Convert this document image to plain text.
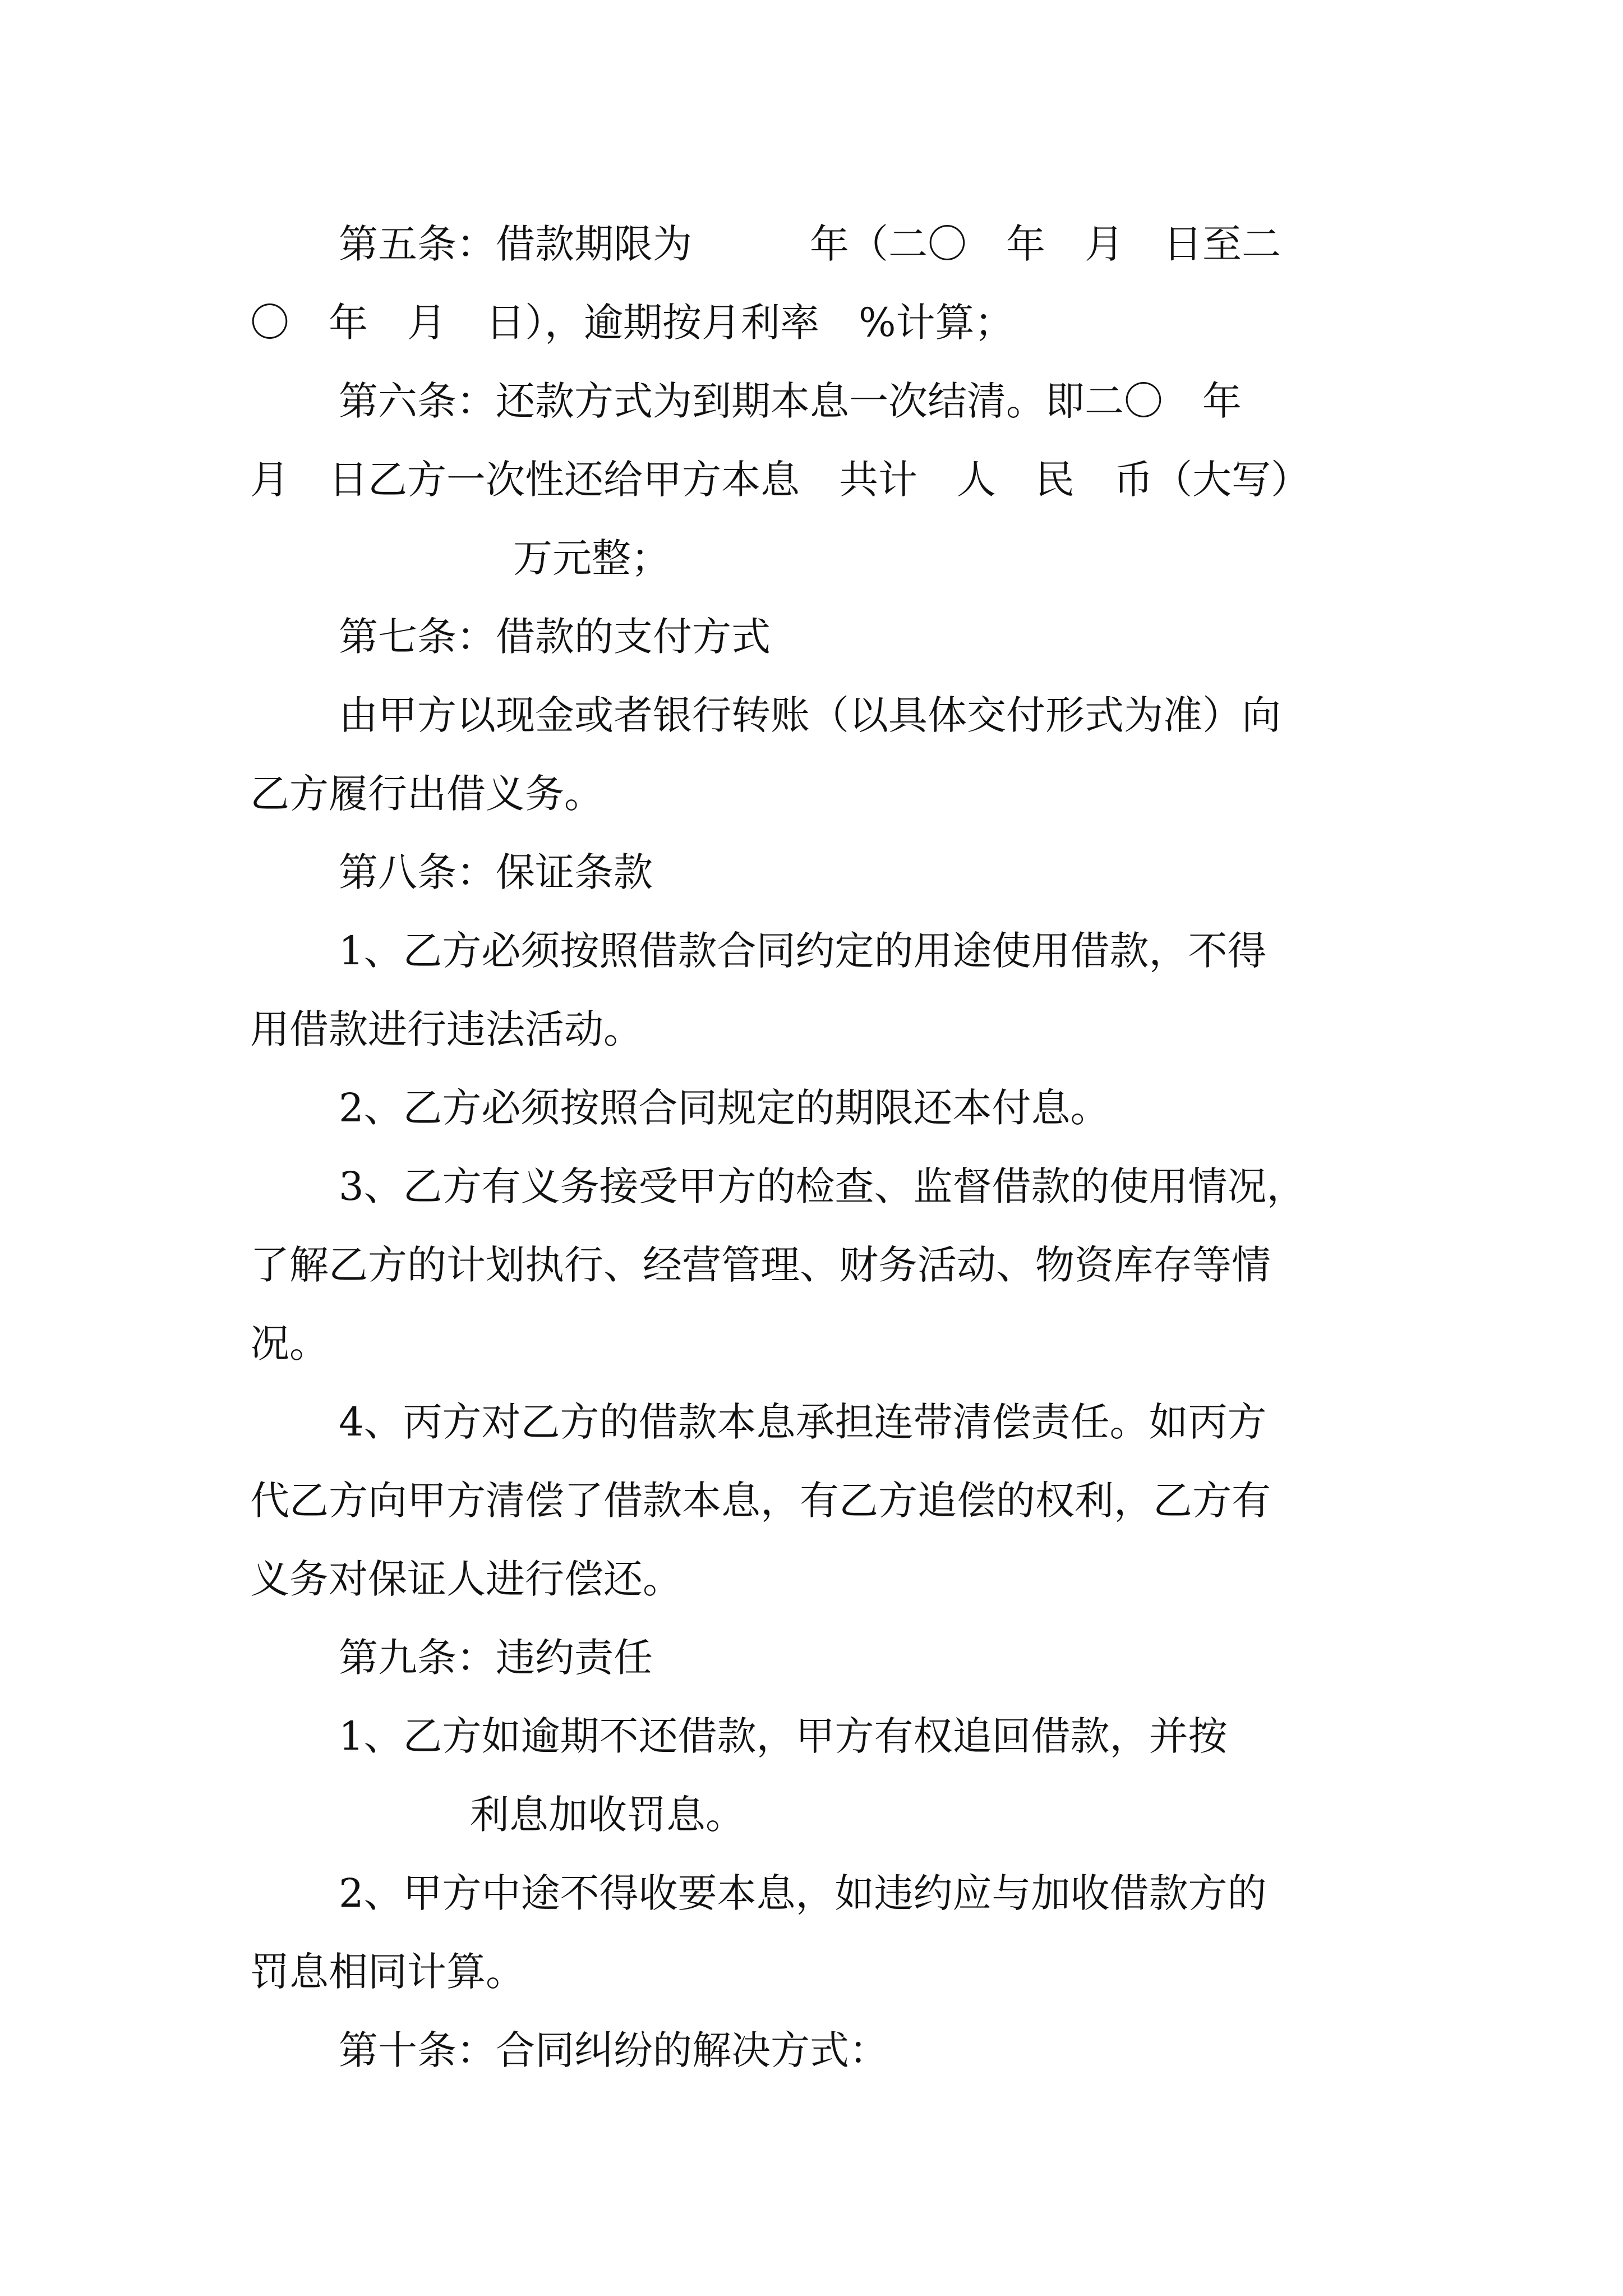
第五条：借款期限为　　　年（二〇　年　月　日至二

〇　年　月　日），逾期按月利率　%计算；

第六条：还款方式为到期本息一次结清。即二〇　年

月　日乙方一次性还给甲方本息　共计　人　民　币（大写）

万元整；

第七条：借款的支付方式

由甲方以现金或者银行转账（以具体交付形式为准）向

乙方履行出借义务。

第八条：保证条款

1、乙方必须按照借款合同约定的用途使用借款，不得

用借款进行违法活动。

2、乙方必须按照合同规定的期限还本付息。

3、乙方有义务接受甲方的检查、监督借款的使用情况，

了解乙方的计划执行、经营管理、财务活动、物资库存等情

况。

4、丙方对乙方的借款本息承担连带清偿责任。如丙方

代乙方向甲方清偿了借款本息，有乙方追偿的权利，乙方有

义务对保证人进行偿还。

第九条：违约责任

1、乙方如逾期不还借款，甲方有权追回借款，并按

利息加收罚息。

2、甲方中途不得收要本息，如违约应与加收借款方的

罚息相同计算。

第十条：合同纠纷的解决方式：
